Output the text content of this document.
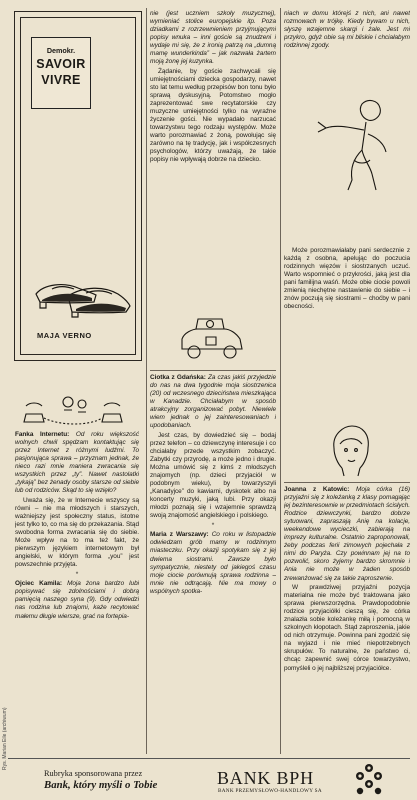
Demokr.
SAVOIR
VIVRE
MAJA VERNO

Fanka Internetu: Od roku większość wolnych chwil spędzam kontaktując się przez Internet z różnymi ludźmi. To pasjonująca sprawa – przyznam jednak, że nieco razi mnie maniera zwracania się wszystkich przez „ty”. Nawet nastolatki „tykają” bez żenady osoby starsze od siebie lub od rodziców. Skąd to się wzięło?

Uważa się, że w Internecie wszyscy są równi – nie ma młodszych i starszych, ważniejszy jest społeczny status, istotne jest tylko to, co ma się do przekazania. Stąd swobodna forma zwracania się do siebie. Może wpływ na to ma też fakt, że pierwszym językiem internetowym był angielski, w którym forma „you” jest powszechnie przyjęta.

*

Ojciec Kamila: Moja żona bardzo lubi popisywać się zdolnościami i dobrą pamięcią naszego syna (9). Gdy odwiedzi nas rodzina lub znajomi, każe recytować małemu długie wiersze, grać na fortepia-

Rys. Marian Eile (archiwum)

nie (jest uczniem szkoły muzycznej), wymieniać stolice europejskie itp. Poza dziadkami z rozrzewnieniem przyjmującymi popisy wnuka – inni goście są znudzeni i wydaje mi się, że z ironią patrzą na „dumną mamę wunderkinda” – jak nazwała żartem moją żonę jej kuzynka.

Żądanie, by goście zachwycali się umiejętnościami dziecka gospodarzy, nawet sto lat temu według przepisów bon tonu było sprawą dyskusyjną. Potomstwo mogło zaprezentować swe recytatorskie czy muzyczne umiejętności tylko na wyraźne życzenie gości. Nie wypadało narzucać towarzystwu tego rodzaju występów. Może warto porozmawiać z żoną, powołując się zarówno na tę tradycję, jak i współczesnych psychologów, którzy uważają, że takie popisy nie wpływają dobrze na dziecko.

Ciotka z Gdańska: Za czas jakiś przyjedzie do nas na dwa tygodnie moja siostrzenica (20) od wczesnego dzieciństwa mieszkająca w Kanadzie. Chciałabym w sposób atrakcyjny zorganizować pobyt. Niewiele wiem jednak o jej zainteresowaniach i upodobaniach.

Jest czas, by dowiedzieć się – bodaj przez telefon – co dziewczynę interesuje i co chciałaby przede wszystkim zobaczyć. Zabytki czy przyrodę, a może jedno i drugie. Można umówić się z kimś z młodszych znajomych (np. dzieci przyjaciół w podobnym wieku), by towarzyszyli „Kanadyjce” do kawiarni, dyskotek albo na koncerty muzyki, jaką lubi. Przy okazji młodzi poznają się i wzajemnie sprawdzą swoją znajomość angielskiego i polskiego.

*

Maria z Warszawy: Co roku w listopadzie odwiedzam grób mamy w rodzinnym miasteczku. Przy okazji spotykam się z jej dwiema siostrami. Zawsze było sympatycznie, niestety od jakiegoś czasu moje ciocie porównują sprawa rodzinna – mnie nie odtrącają. Nie ma mowy o wspólnych spotka-

niach w domu którejś z nich, ani nawet rozmowach w trójkę. Kiedy bywam u nich, słyszę wzajemne skargi i żale. Jest mi przykro, gdyż obie są mi bliskie i chciałabym rodzinnej zgody.

Może porozmawiałaby pani serdecznie z każdą z osobna, apelując do poczucia rodzinnych więzów i siostrzanych uczuć. Warto wspomnieć o przykrości, jaką jest dla pani familijna waśń. Może obie ciocie powoli zmienią niechętne nastawienie do siebie – i znów poczują się siostrami – choćby w pani obecności.

Joanna z Katowic: Moja córka (16) przyjaźni się z koleżanką z klasy pomagając jej bezinteresownie w przedmiotach ścisłych. Rodzice dziewczynki, bardzo dobrze sytuowani, zapraszają Anię na kolacje, weekendowe wycieczki, zabierają na imprezy kulturalne. Ostatnio zaproponowali, żeby podczas ferii zimowych pojechała z nimi do Paryża. Czy powinnam jej na to pozwolić, skoro żyjemy bardzo skromnie i Ania nie może w żaden sposób zrewanżować się za takie zaproszenie.

W prawdziwej przyjaźni pozycja materialna nie może być traktowana jako sprawa pierwszorzędna. Prawdopodobnie rodzice przyjaciółki cieszą się, że córka znalazła sobie koleżankę miłą i pomocną w szkolnych kłopotach. Stąd zaproszenia, jakie od nich otrzymuje. Powinna pani zgodzić się na wyjazd i nie mieć niepotrzebnych skrupułów. To naturalne, że państwo ci, chcąc zapewnić swej córce towarzystwo, pomyśleli o jej najbliższej przyjaciółce.

Rubryka sponsorowana przez
Bank, który myśli o Tobie	BANK BPH
BANK PRZEMYSŁOWO-HANDLOWY SA
